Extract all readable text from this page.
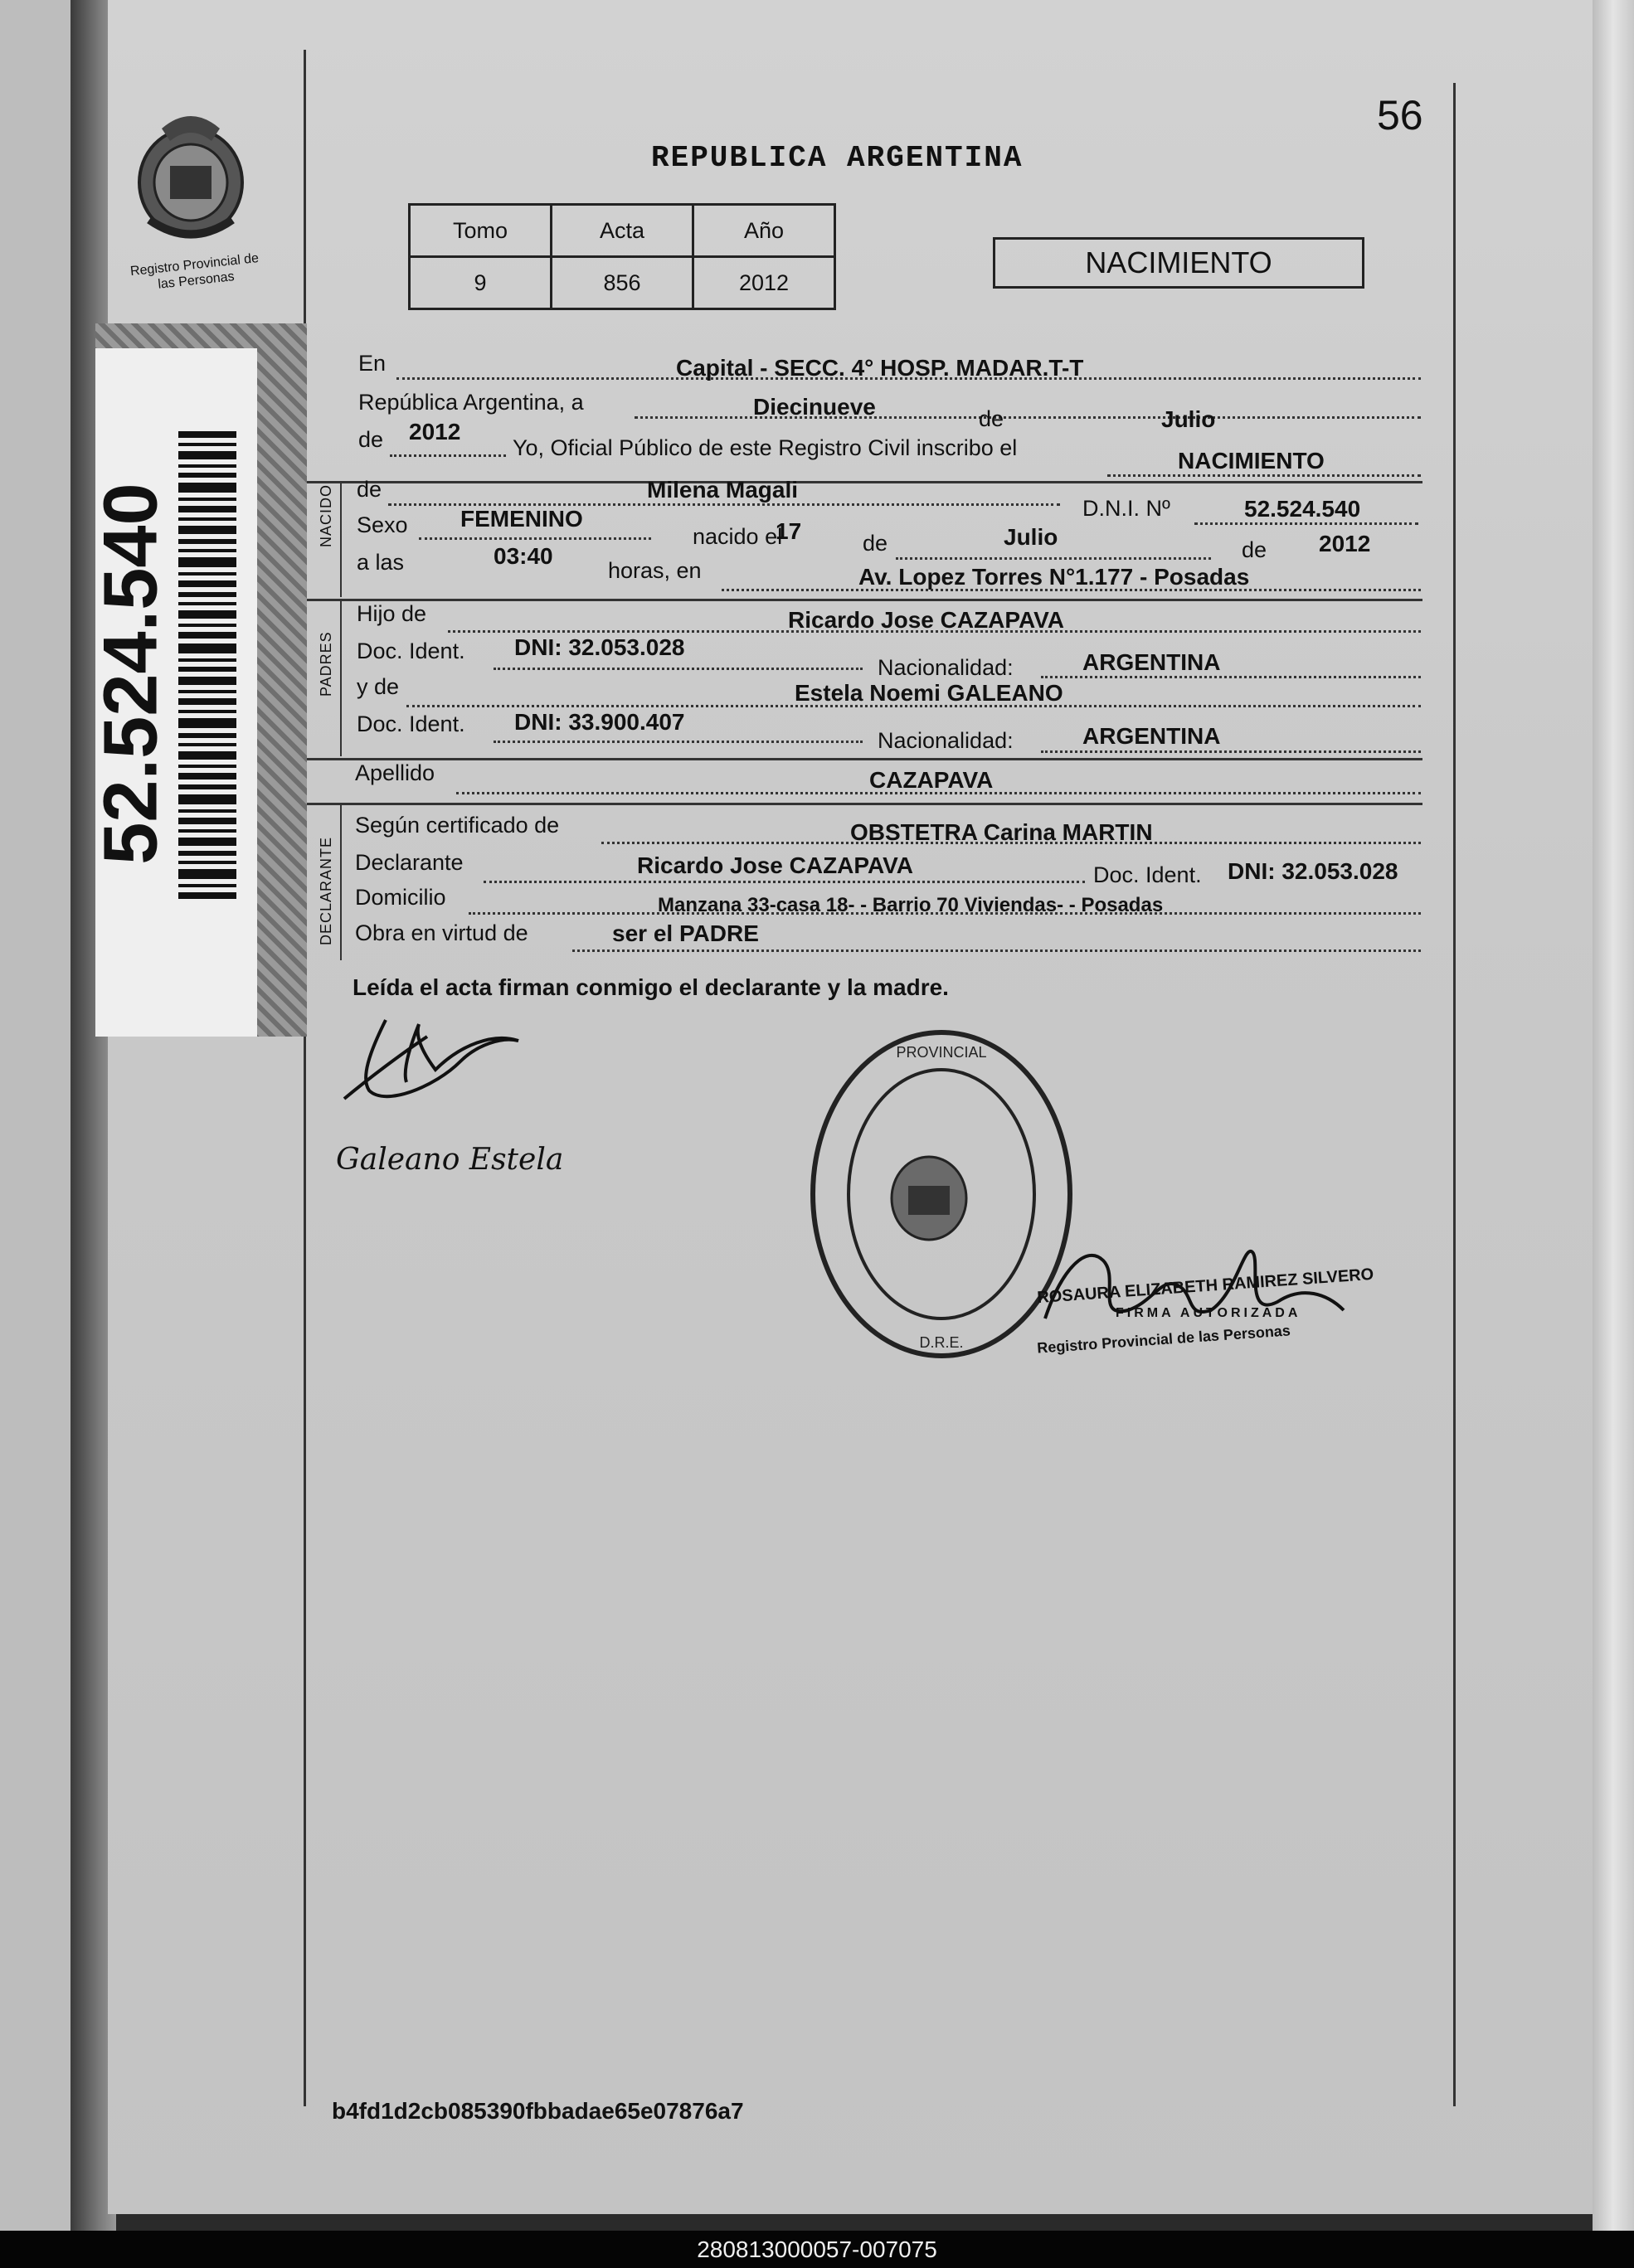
Registro Provincial de las Personas
52.524.540
56
REPUBLICA ARGENTINA
Tomo	Acta	Año
9	856	2012
NACIMIENTO
En	Capital - SECC. 4° HOSP. MADAR.T-T
República Argentina, a	Diecinueve	de	Julio
de 2012
Yo, Oficial Público de este Registro Civil inscribo el	NACIMIENTO
NACIDO de	Milena Magali
D.N.I. Nº	52.524.540
Sexo FEMENINO
nacido el
17	de	Julio	de 2012
a las	03:40
horas, en	Av. Lopez Torres N°1.177 - Posadas
PADRES
Hijo de	Ricardo Jose CAZAPAVA
Doc. Ident. DNI: 32.053.028
Nacionalidad:	ARGENTINA
y de	Estela Noemi GALEANO
Doc. Ident. DNI: 33.900.407
Nacionalidad:	ARGENTINA
Apellido	CAZAPAVA
DECLARANTE
Según certificado de	OBSTETRA Carina MARTIN
Declarante	Ricardo Jose CAZAPAVA	Doc. Ident. DNI: 32.053.028
Domicilio	Manzana 33-casa 18- - Barrio 70 Viviendas- - Posadas
Obra en virtud de	ser el PADRE
Leída el acta firman conmigo el declarante y la madre.
Galeano Estela
PROVINCIAL
D.R.E.
ROSAURA ELIZABETH RAMIREZ SILVERO
FIRMA AUTORIZADA
Registro Provincial de las Personas
b4fd1d2cb085390fbbadae65e07876a7
280813000057-007075
